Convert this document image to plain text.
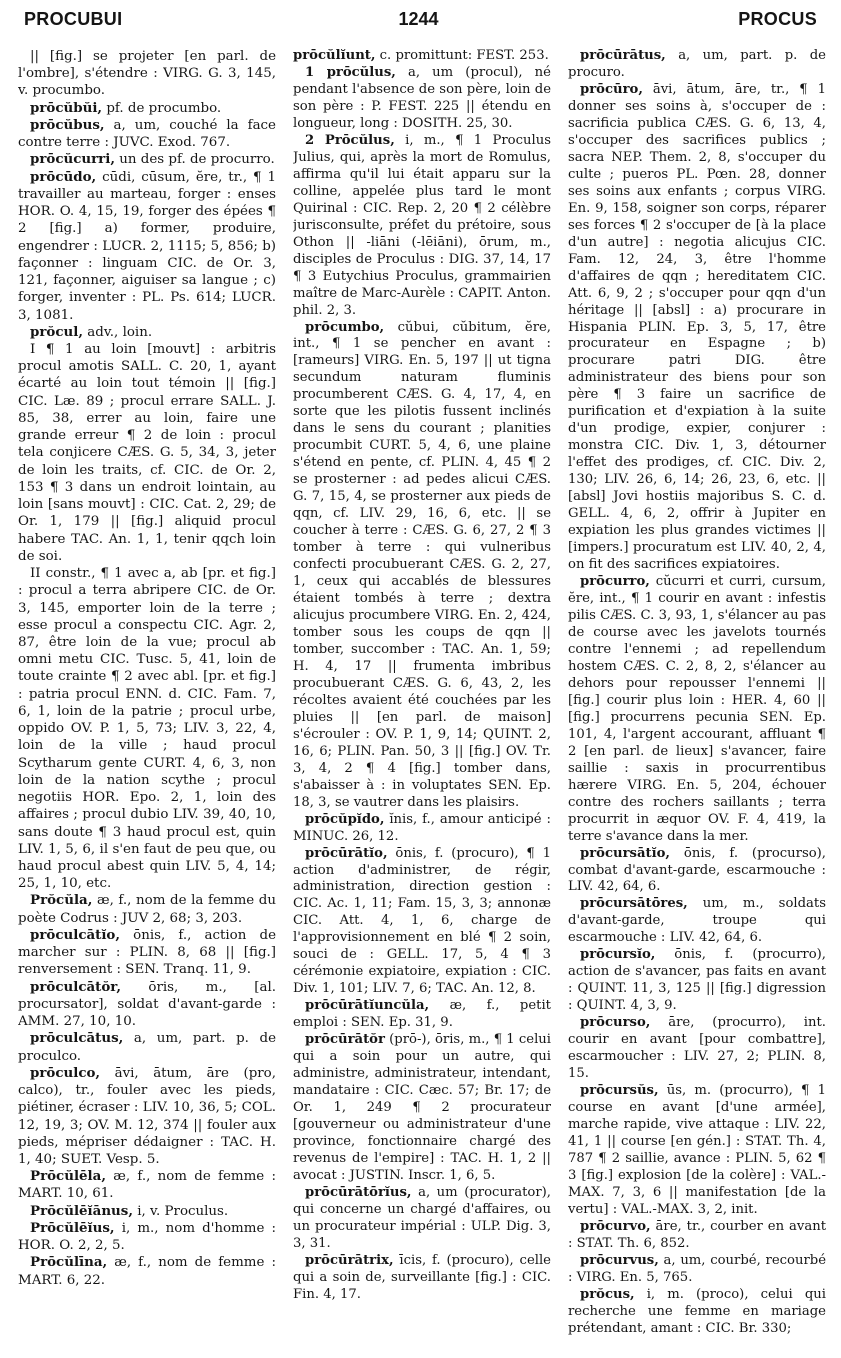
PROCUBUI	1244	PROCUS

|| [fig.] se projeter [en parl. de l'ombre], s'étendre : VIRG. G. 3, 145, v. procumbo.

prōcŭbŭi, pf. de procumbo.

prōcŭbus, a, um, couché la face contre terre : JUVC. Exod. 767.

prōcŭcurri, un des pf. de procurro.

prōcūdo, cūdi, cūsum, ĕre, tr., ¶ 1 travailler au marteau, forger : enses HOR. O. 4, 15, 19, forger des épées ¶ 2 [fig.] a) former, produire, engendrer : LUCR. 2, 1115; 5, 856; b) façonner : linguam CIC. de Or. 3, 121, façonner, aiguiser sa langue ; c) forger, inventer : PL. Ps. 614; LUCR. 3, 1081.

prŏcul, adv., loin.

I ¶ 1 au loin [mouvt] : arbitris procul amotis SALL. C. 20, 1, ayant écarté au loin tout témoin || [fig.] CIC. Læ. 89 ; procul errare SALL. J. 85, 38, errer au loin, faire une grande erreur ¶ 2 de loin : procul tela conjicere CÆS. G. 5, 34, 3, jeter de loin les traits, cf. CIC. de Or. 2, 153 ¶ 3 dans un endroit lointain, au loin [sans mouvt] : CIC. Cat. 2, 29; de Or. 1, 179 || [fig.] aliquid procul habere TAC. An. 1, 1, tenir qqch loin de soi.

II constr., ¶ 1 avec a, ab [pr. et fig.] : procul a terra abripere CIC. de Or. 3, 145, emporter loin de la terre ; esse procul a conspectu CIC. Agr. 2, 87, être loin de la vue; procul ab omni metu CIC. Tusc. 5, 41, loin de toute crainte ¶ 2 avec abl. [pr. et fig.] : patria procul ENN. d. CIC. Fam. 7, 6, 1, loin de la patrie ; procul urbe, oppido OV. P. 1, 5, 73; LIV. 3, 22, 4, loin de la ville ; haud procul Scytharum gente CURT. 4, 6, 3, non loin de la nation scythe ; procul negotiis HOR. Epo. 2, 1, loin des affaires ; procul dubio LIV. 39, 40, 10, sans doute ¶ 3 haud procul est, quin LIV. 1, 5, 6, il s'en faut de peu que, ou haud procul abest quin LIV. 5, 4, 14; 25, 1, 10, etc.

Prŏcŭla, æ, f., nom de la femme du poète Codrus : JUV 2, 68; 3, 203.

prōculcātĭo, ōnis, f., action de marcher sur : PLIN. 8, 68 || [fig.] renversement : SEN. Tranq. 11, 9.

prōculcātŏr, ōris, m., [al. procursator], soldat d'avant-garde : AMM. 27, 10, 10.

prōculcātus, a, um, part. p. de proculco.

prōculco, āvi, ātum, āre (pro, calco), tr., fouler avec les pieds, piétiner, écraser : LIV. 10, 36, 5; COL. 12, 19, 3; OV. M. 12, 374 || fouler aux pieds, mépriser dédaigner : TAC. H. 1, 40; SUET. Vesp. 5.

Prōcŭlēla, æ, f., nom de femme : MART. 10, 61.

Prōcŭlēĭānus, i, v. Proculus.

Prōcŭlēĭus, i, m., nom d'homme : HOR. O. 2, 2, 5.

Prōcŭlīna, æ, f., nom de femme : MART. 6, 22.

prōcŭlĭunt, c. promittunt: FEST. 253.

1 prōcŭlus, a, um (procul), né pendant l'absence de son père, loin de son père : P. FEST. 225 || étendu en longueur, long : DOSITH. 25, 30.

2 Prōcŭlus, i, m., ¶ 1 Proculus Julius, qui, après la mort de Romulus, affirma qu'il lui était apparu sur la colline, appelée plus tard le mont Quirinal : CIC. Rep. 2, 20 ¶ 2 célèbre jurisconsulte, préfet du prétoire, sous Othon || -liāni (-lēiāni), ōrum, m., disciples de Proculus : DIG. 37, 14, 17 ¶ 3 Eutychius Proculus, grammairien maître de Marc-Aurèle : CAPIT. Anton. phil. 2, 3.

prōcumbo, cŭbui, cŭbitum, ĕre, int., ¶ 1 se pencher en avant : [rameurs] VIRG. En. 5, 197 || ut tigna secundum naturam fluminis procumberent CÆS. G. 4, 17, 4, en sorte que les pilotis fussent inclinés dans le sens du courant ; planities procumbit CURT. 5, 4, 6, une plaine s'étend en pente, cf. PLIN. 4, 45 ¶ 2 se prosterner : ad pedes alicui CÆS. G. 7, 15, 4, se prosterner aux pieds de qqn, cf. LIV. 29, 16, 6, etc. || se coucher à terre : CÆS. G. 6, 27, 2 ¶ 3 tomber à terre : qui vulneribus confecti procubuerant CÆS. G. 2, 27, 1, ceux qui accablés de blessures étaient tombés à terre ; dextra alicujus procumbere VIRG. En. 2, 424, tomber sous les coups de qqn || tomber, succomber : TAC. An. 1, 59; H. 4, 17 || frumenta imbribus procubuerant CÆS. G. 6, 43, 2, les récoltes avaient été couchées par les pluies || [en parl. de maison] s'écrouler : OV. P. 1, 9, 14; QUINT. 2, 16, 6; PLIN. Pan. 50, 3 || [fig.] OV. Tr. 3, 4, 2 ¶ 4 [fig.] tomber dans, s'abaisser à : in voluptates SEN. Ep. 18, 3, se vautrer dans les plaisirs.

prōcŭpĭdo, ĭnis, f., amour anticipé : MINUC. 26, 12.

prōcūrātĭo, ōnis, f. (procuro), ¶ 1 action d'administrer, de régir, administration, direction gestion : CIC. Ac. 1, 11; Fam. 15, 3, 3; annonæ CIC. Att. 4, 1, 6, charge de l'approvisionnement en blé ¶ 2 soin, souci de : GELL. 17, 5, 4 ¶ 3 cérémonie expiatoire, expiation : CIC. Div. 1, 101; LIV. 7, 6; TAC. An. 12, 8.

prōcūrātĭuncŭla, æ, f., petit emploi : SEN. Ep. 31, 9.

prōcūrātŏr (prō-), ōris, m., ¶ 1 celui qui a soin pour un autre, qui administre, administrateur, intendant, mandataire : CIC. Cæc. 57; Br. 17; de Or. 1, 249 ¶ 2 procurateur [gouverneur ou administrateur d'une province, fonctionnaire chargé des revenus de l'empire] : TAC. H. 1, 2 || avocat : JUSTIN. Inscr. 1, 6, 5.

prōcūrātōrĭus, a, um (procurator), qui concerne un chargé d'affaires, ou un procurateur impérial : ULP. Dig. 3, 3, 31.

prōcūrātrix, īcis, f. (procuro), celle qui a soin de, surveillante [fig.] : CIC. Fin. 4, 17.

prōcūrātus, a, um, part. p. de procuro.

prōcūro, āvi, ātum, āre, tr., ¶ 1 donner ses soins à, s'occuper de : sacrificia publica CÆS. G. 6, 13, 4, s'occuper des sacrifices publics ; sacra NEP. Them. 2, 8, s'occuper du culte ; pueros PL. Pœn. 28, donner ses soins aux enfants ; corpus VIRG. En. 9, 158, soigner son corps, réparer ses forces ¶ 2 s'occuper de [à la place d'un autre] : negotia alicujus CIC. Fam. 12, 24, 3, être l'homme d'affaires de qqn ; hereditatem CIC. Att. 6, 9, 2 ; s'occuper pour qqn d'un héritage || [absl] : a) procurare in Hispania PLIN. Ep. 3, 5, 17, être procurateur en Espagne ; b) procurare patri DIG. être administrateur des biens pour son père ¶ 3 faire un sacrifice de purification et d'expiation à la suite d'un prodige, expier, conjurer : monstra CIC. Div. 1, 3, détourner l'effet des prodiges, cf. CIC. Div. 2, 130; LIV. 26, 6, 14; 26, 23, 6, etc. || [absl] Jovi hostiis majoribus S. C. d. GELL. 4, 6, 2, offrir à Jupiter en expiation les plus grandes victimes || [impers.] procuratum est LIV. 40, 2, 4, on fit des sacrifices expiatoires.

prōcurro, cŭcurri et curri, cursum, ĕre, int., ¶ 1 courir en avant : infestis pilis CÆS. C. 3, 93, 1, s'élancer au pas de course avec les javelots tournés contre l'ennemi ; ad repellendum hostem CÆS. C. 2, 8, 2, s'élancer au dehors pour repousser l'ennemi || [fig.] courir plus loin : HER. 4, 60 || [fig.] procurrens pecunia SEN. Ep. 101, 4, l'argent accourant, affluant ¶ 2 [en parl. de lieux] s'avancer, faire saillie : saxis in procurrentibus hærere VIRG. En. 5, 204, échouer contre des rochers saillants ; terra procurrit in æquor OV. F. 4, 419, la terre s'avance dans la mer.

prōcursātĭo, ōnis, f. (procurso), combat d'avant-garde, escarmouche : LIV. 42, 64, 6.

prōcursātōres, um, m., soldats d'avant-garde, troupe qui escarmouche : LIV. 42, 64, 6.

prōcursĭo, ōnis, f. (procurro), action de s'avancer, pas faits en avant : QUINT. 11, 3, 125 || [fig.] digression : QUINT. 4, 3, 9.

prōcurso, āre, (procurro), int. courir en avant [pour combattre], escarmoucher : LIV. 27, 2; PLIN. 8, 15.

prōcursŭs, ūs, m. (procurro), ¶ 1 course en avant [d'une armée], marche rapide, vive attaque : LIV. 22, 41, 1 || course [en gén.] : STAT. Th. 4, 787 ¶ 2 saillie, avance : PLIN. 5, 62 ¶ 3 [fig.] explosion [de la colère] : VAL.-MAX. 7, 3, 6 || manifestation [de la vertu] : VAL.-MAX. 3, 2, init.

prōcurvo, āre, tr., courber en avant : STAT. Th. 6, 852.

prōcurvus, a, um, courbé, recourbé : VIRG. En. 5, 765.

prŏcus, i, m. (proco), celui qui recherche une femme en mariage prétendant, amant : CIC. Br. 330;
